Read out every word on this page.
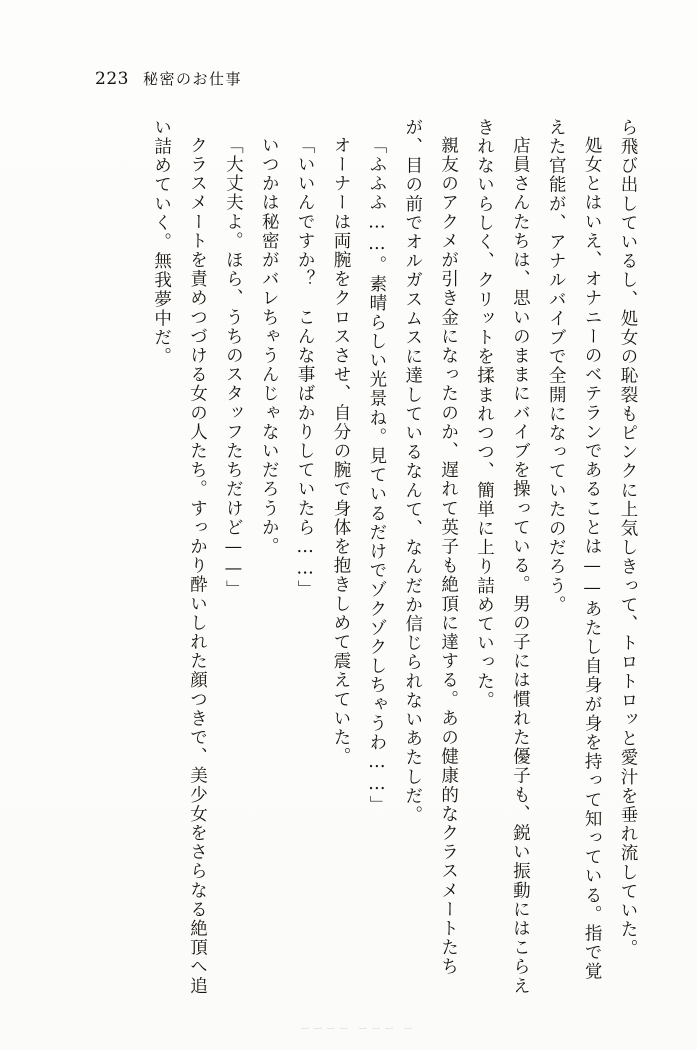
223 秘密のお仕事

ら飛び出しているし、処女の恥裂もピンクに上気しきって、トロトロッと愛汁を垂れ流していた。

処女とはいえ、オナニーのベテランであることは——あたし自身が身を持って知っている。指で覚えた官能が、アナルバイブで全開になっていたのだろう。

店員さんたちは、思いのままにバイブを操っている。男の子には慣れた優子も、鋭い振動にはこらえきれないらしく、クリットを揉まれつつ、簡単に上り詰めていった。

親友のアクメが引き金になったのか、遅れて英子も絶頂に達する。あの健康的なクラスメートたちが、目の前でオルガスムスに達しているなんて、なんだか信じられないあたしだ。

「ふふふ……。素晴らしい光景ね。見ているだけでゾクゾクしちゃうわ……」

オーナーは両腕をクロスさせ、自分の腕で身体を抱きしめて震えていた。

「いいんですか？　こんな事ばかりしていたら……」

いつかは秘密がバレちゃうんじゃないだろうか。

「大丈夫よ。ほら、うちのスタッフたちだけど——」

クラスメートを責めつづける女の人たち。すっかり酔いしれた顔つきで、美少女をさらなる絶頂へ追い詰めていく。無我夢中だ。

ーーーー ーーー ー
